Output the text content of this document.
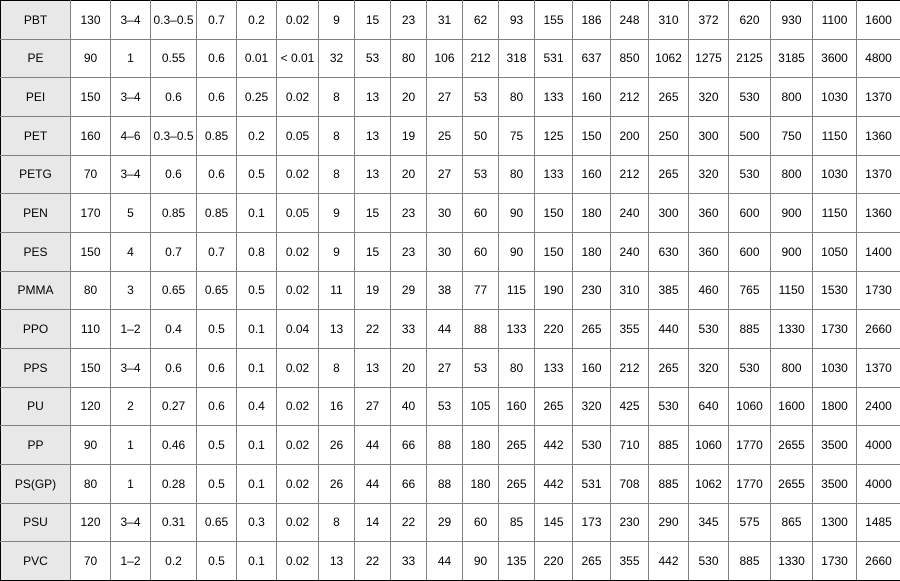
PBT	130	3–4	0.3–0.5	0.7	0.2	0.02	9	15	23	31	62	93	155	186	248	310	372	620	930	1100	1600
PE	90	1	0.55	0.6	0.01	< 0.01	32	53	80	106	212	318	531	637	850	1062	1275	2125	3185	3600	4800
PEI	150	3–4	0.6	0.6	0.25	0.02	8	13	20	27	53	80	133	160	212	265	320	530	800	1030	1370
PET	160	4–6	0.3–0.5	0.85	0.2	0.05	8	13	19	25	50	75	125	150	200	250	300	500	750	1150	1360
PETG	70	3–4	0.6	0.6	0.5	0.02	8	13	20	27	53	80	133	160	212	265	320	530	800	1030	1370
PEN	170	5	0.85	0.85	0.1	0.05	9	15	23	30	60	90	150	180	240	300	360	600	900	1150	1360
PES	150	4	0.7	0.7	0.8	0.02	9	15	23	30	60	90	150	180	240	630	360	600	900	1050	1400
PMMA	80	3	0.65	0.65	0.5	0.02	11	19	29	38	77	115	190	230	310	385	460	765	1150	1530	1730
PPO	110	1–2	0.4	0.5	0.1	0.04	13	22	33	44	88	133	220	265	355	440	530	885	1330	1730	2660
PPS	150	3–4	0.6	0.6	0.1	0.02	8	13	20	27	53	80	133	160	212	265	320	530	800	1030	1370
PU	120	2	0.27	0.6	0.4	0.02	16	27	40	53	105	160	265	320	425	530	640	1060	1600	1800	2400
PP	90	1	0.46	0.5	0.1	0.02	26	44	66	88	180	265	442	530	710	885	1060	1770	2655	3500	4000
PS(GP)	80	1	0.28	0.5	0.1	0.02	26	44	66	88	180	265	442	531	708	885	1062	1770	2655	3500	4000
PSU	120	3–4	0.31	0.65	0.3	0.02	8	14	22	29	60	85	145	173	230	290	345	575	865	1300	1485
PVC	70	1–2	0.2	0.5	0.1	0.02	13	22	33	44	90	135	220	265	355	442	530	885	1330	1730	2660
